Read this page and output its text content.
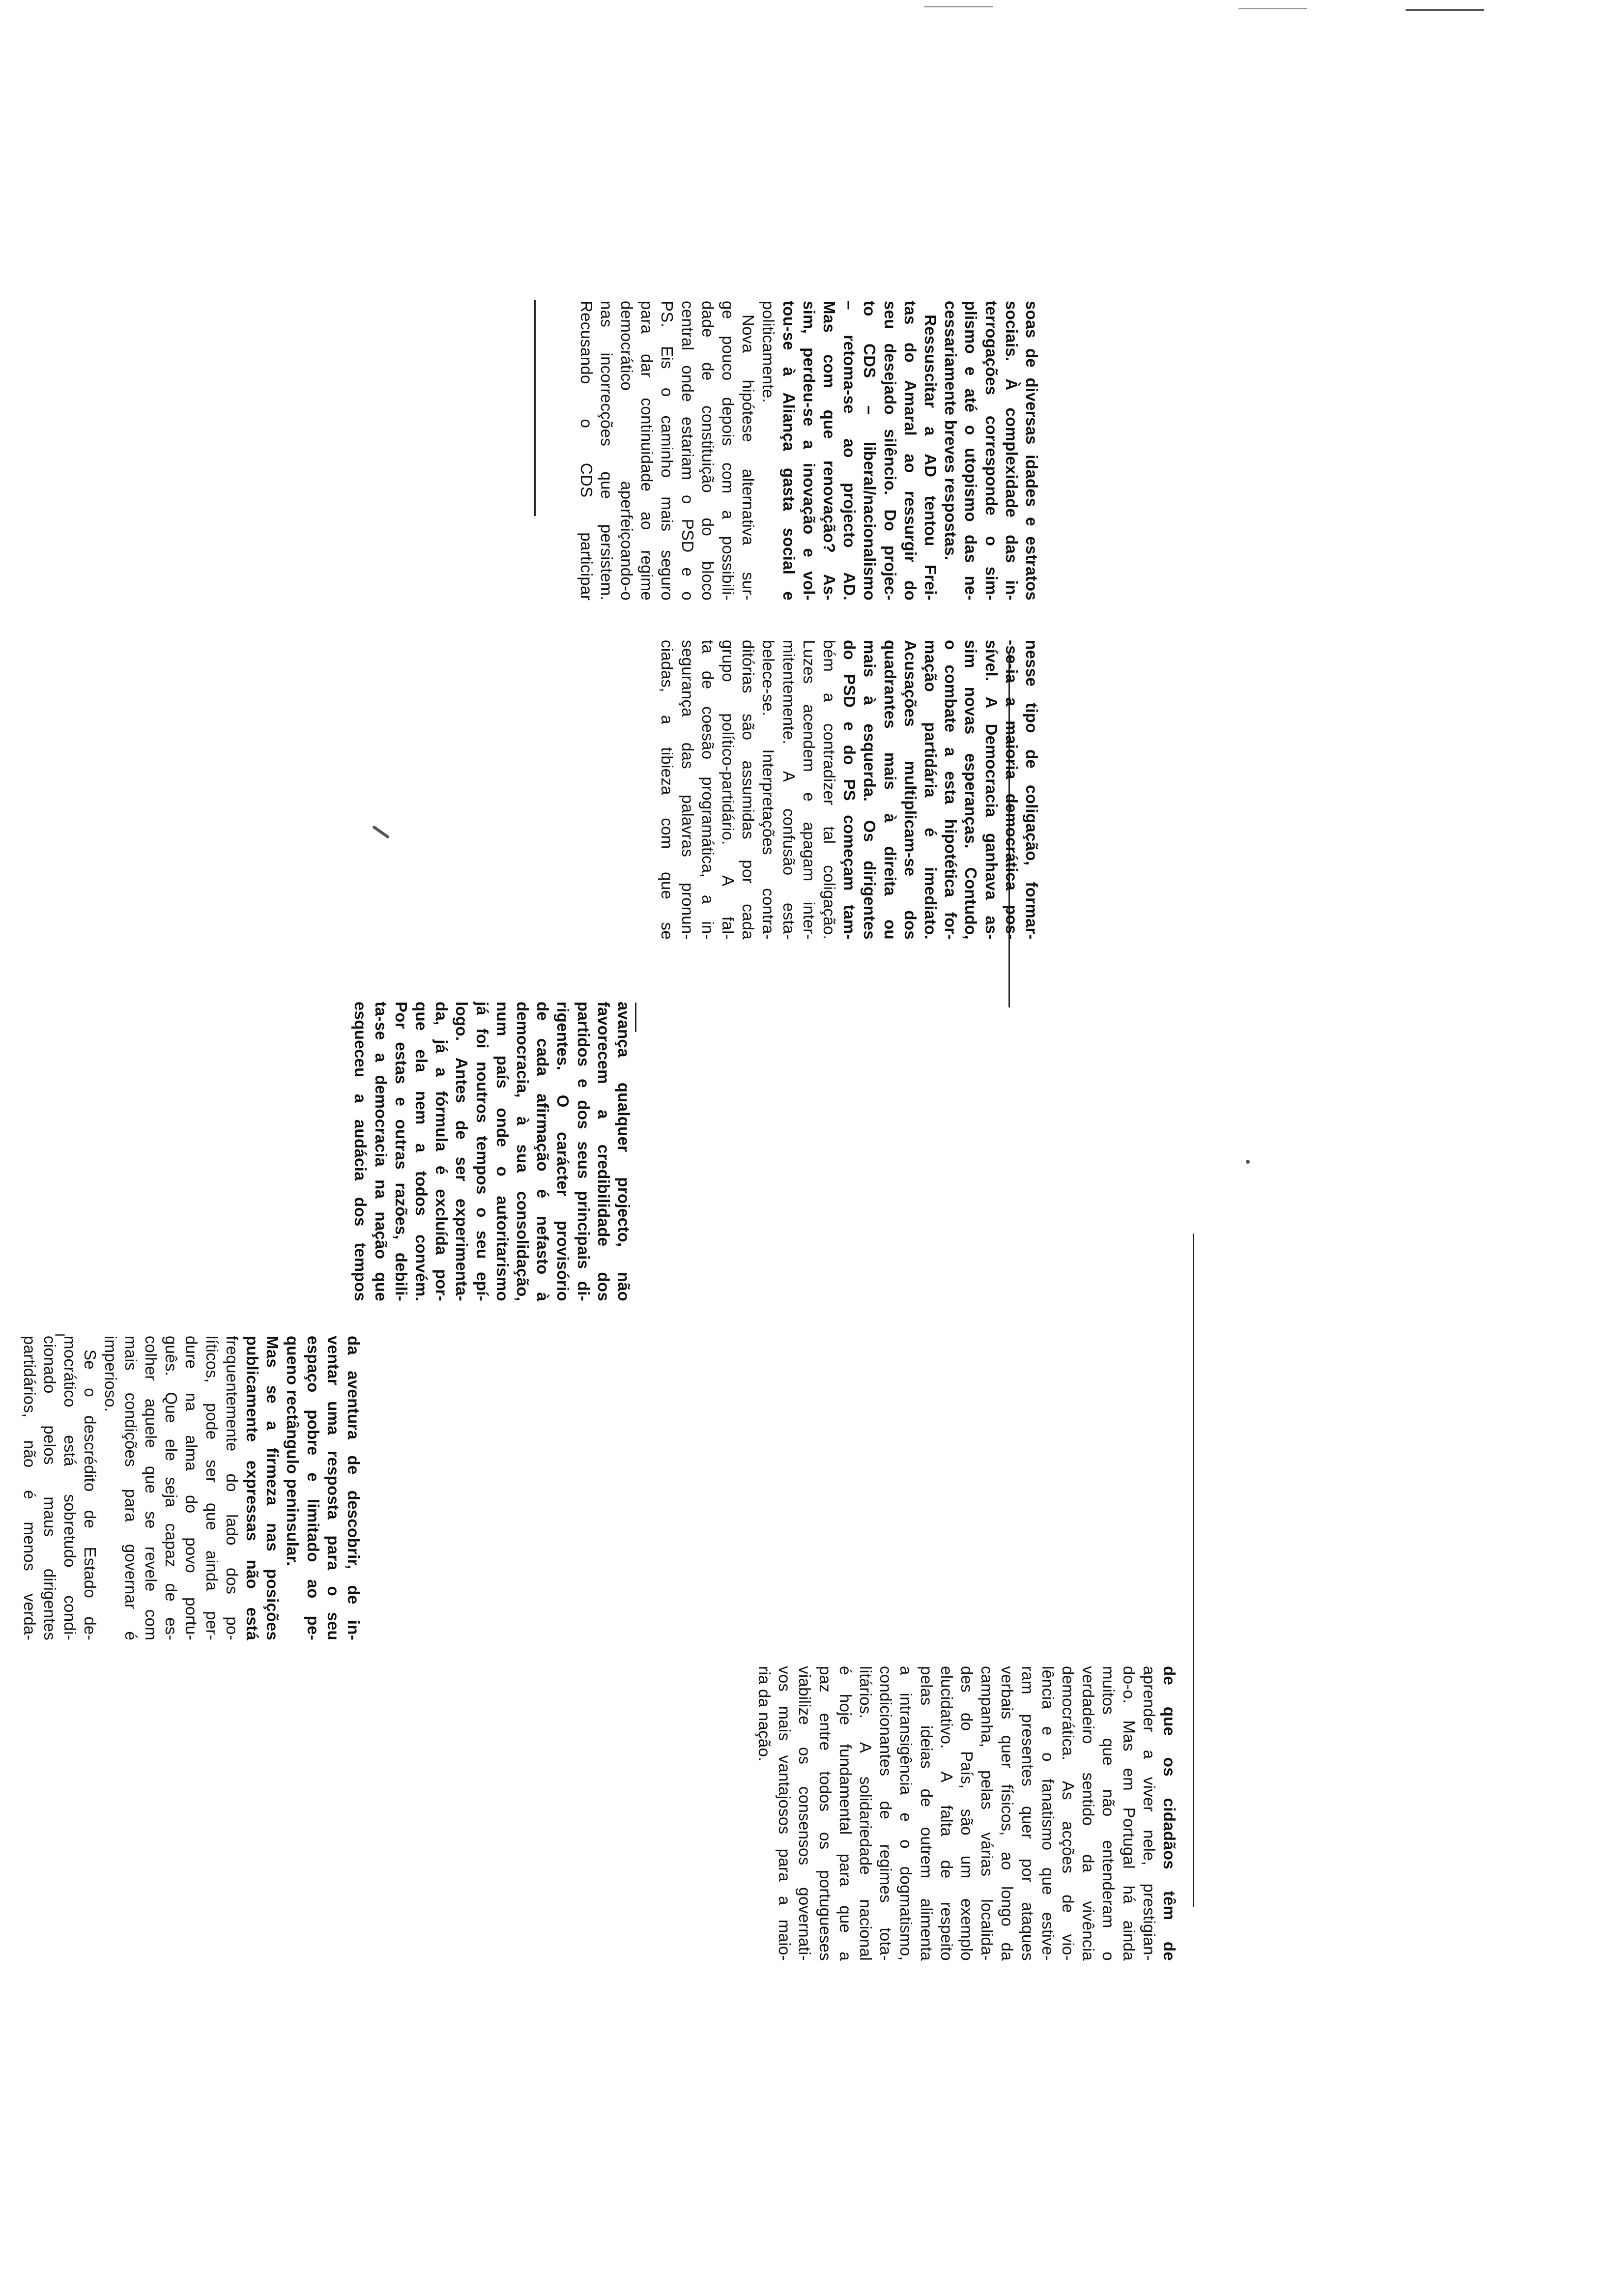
soas de diversas idades e estratos
sociais. À complexidade das in-
terrogações corresponde o sim-
plismo e até o utopismo das ne-
cessariamente breves respostas.
Ressuscitar a AD tentou Frei-
tas do Amaral ao ressurgir do
seu desejado silêncio. Do projec-
to CDS – liberal/nacionalismo
– retoma-se ao projecto AD.
Mas com que renovação? As-
sim, perdeu-se a inovação e vol-
tou-se à Aliança gasta social e
politicamente.
Nova hipótese alternativa sur-
ge pouco depois com a possibili-
dade de constituição do bloco
central onde estariam o PSD e o
PS. Eis o caminho mais seguro
para dar continuidade ao regime
democrático aperfeiçoando-o
nas incorrecções que persistem.
Recusando o CDS participar
nesse tipo de coligação, formar-
-se-ia a maioria democrática pos-
sível. A Democracia ganhava as-
sim novas esperanças. Contudo,
o combate a esta hipotética for-
mação partidária é imediato.
Acusações multiplicam-se dos
quadrantes mais à direita ou
mais à esquerda. Os dirigentes
do PSD e do PS começam tam-
bém a contradizer tal coligação.
Luzes acendem e apagam inter-
mitentemente. A confusão esta-
belece-se. Interpretações contra-
ditórias são assumidas por cada
grupo político-partidário. A fal-
ta de coesão programática, a in-
segurança das palavras pronun-
ciadas, a tibieza com que se
avança qualquer projecto, não
favorecem a credibilidade dos
partidos e dos seus principais di-
rigentes. O carácter provisório
de cada afirmação é nefasto à
democracia, à sua consolidação,
num país onde o autoritarismo
já foi noutros tempos o seu epí-
logo. Antes de ser experimenta-
da, já a fórmula é excluída por-
que ela nem a todos convém.
Por estas e outras razões, debili-
ta-se a democracia na nação que
esqueceu a audácia dos tempos
da aventura de descobrir, de in-
ventar uma resposta para o seu
espaço pobre e limitado ao pe-
queno rectângulo peninsular.
Mas se a firmeza nas posições
publicamente expressas não está
frequentemente do lado dos po-
líticos, pode ser que ainda per-
dure na alma do povo portu-
guês. Que ele seja capaz de es-
colher aquele que se revele com
mais condições para governar é
imperioso.
Se o descrédito de Estado de-
mocrático está sobretudo condi-
cionado pelos maus dirigentes
partidários, não é menos verda-
de que os cidadãos têm de
aprender a viver nele, prestigian-
do-o. Mas em Portugal há ainda
muitos que não entenderam o
verdadeiro sentido da vivência
democrática. As acções de vio-
lência e o fanatismo que estive-
ram presentes quer por ataques
verbais quer físicos, ao longo da
campanha, pelas várias localida-
des do País, são um exemplo
elucidativo. A falta de respeito
pelas ideias de outrem alimenta
a intransigência e o dogmatismo,
condicionantes de regimes tota-
litários. A solidariedade nacional
é hoje fundamental para que a
paz entre todos os portugueses
viabilize os consensos governati-
vos mais vantajosos para a maio-
ria da nação.
